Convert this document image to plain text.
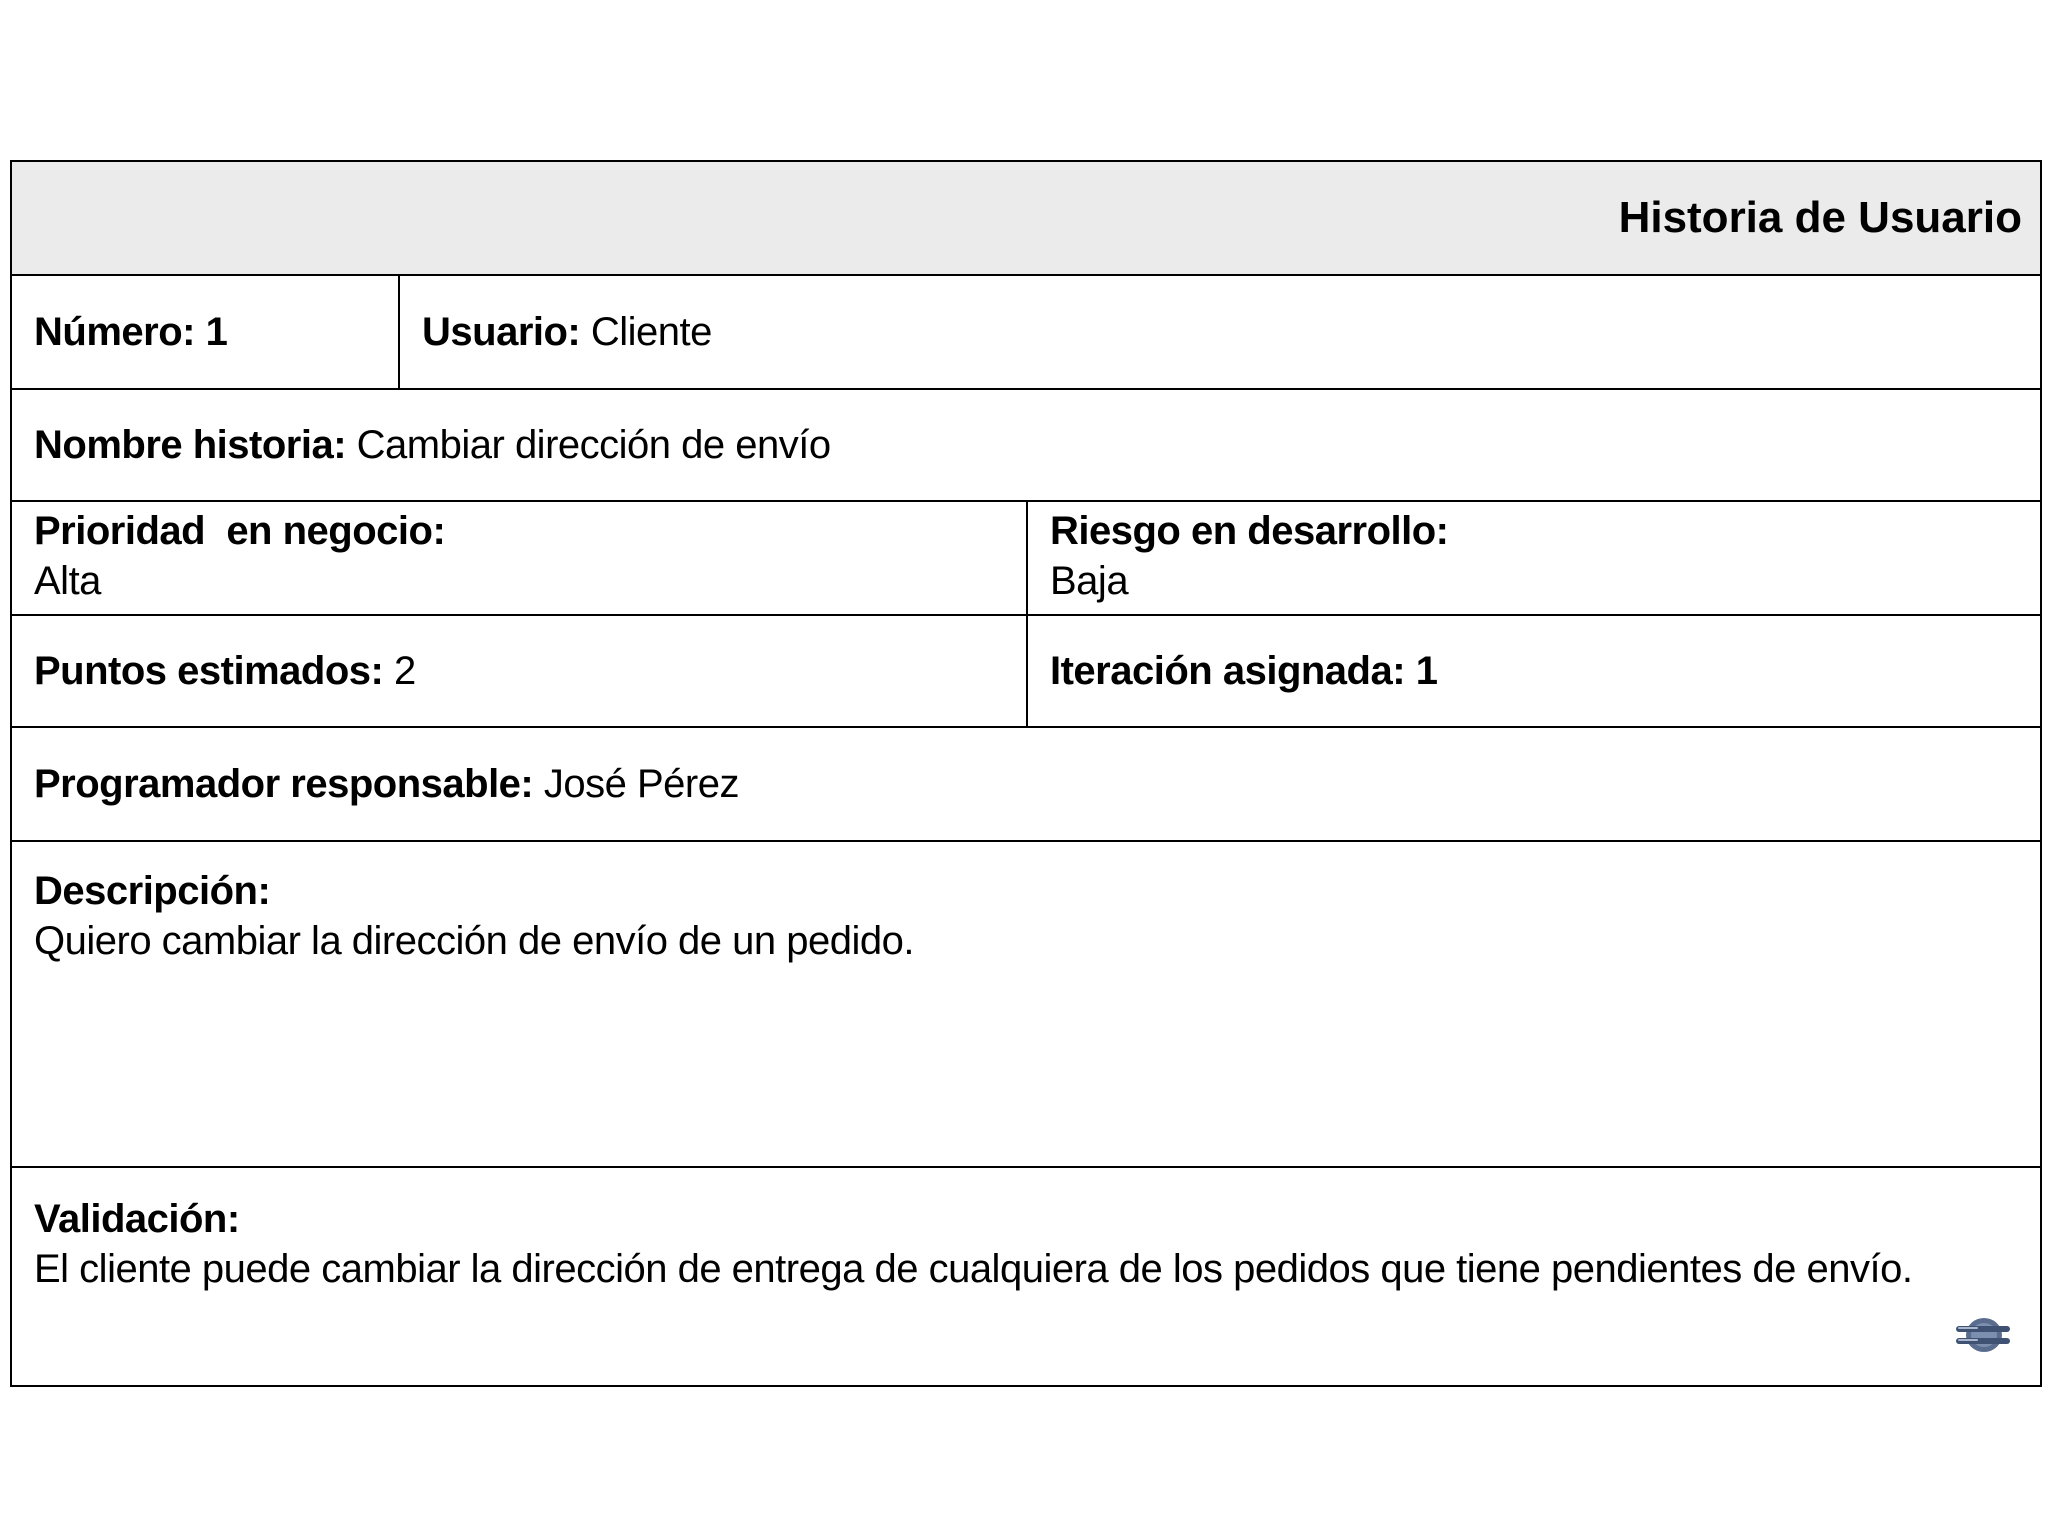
Historia de Usuario
Número: 1	Usuario: Cliente
Nombre historia: Cambiar dirección de envío
Prioridad  en negocio:
Alta
Riesgo en desarrollo:
Baja
Puntos estimados: 2	Iteración asignada: 1
Programador responsable: José Pérez
Descripción:
Quiero cambiar la dirección de envío de un pedido.
Validación:
El cliente puede cambiar la dirección de entrega de cualquiera de los pedidos que tiene pendientes de envío.
